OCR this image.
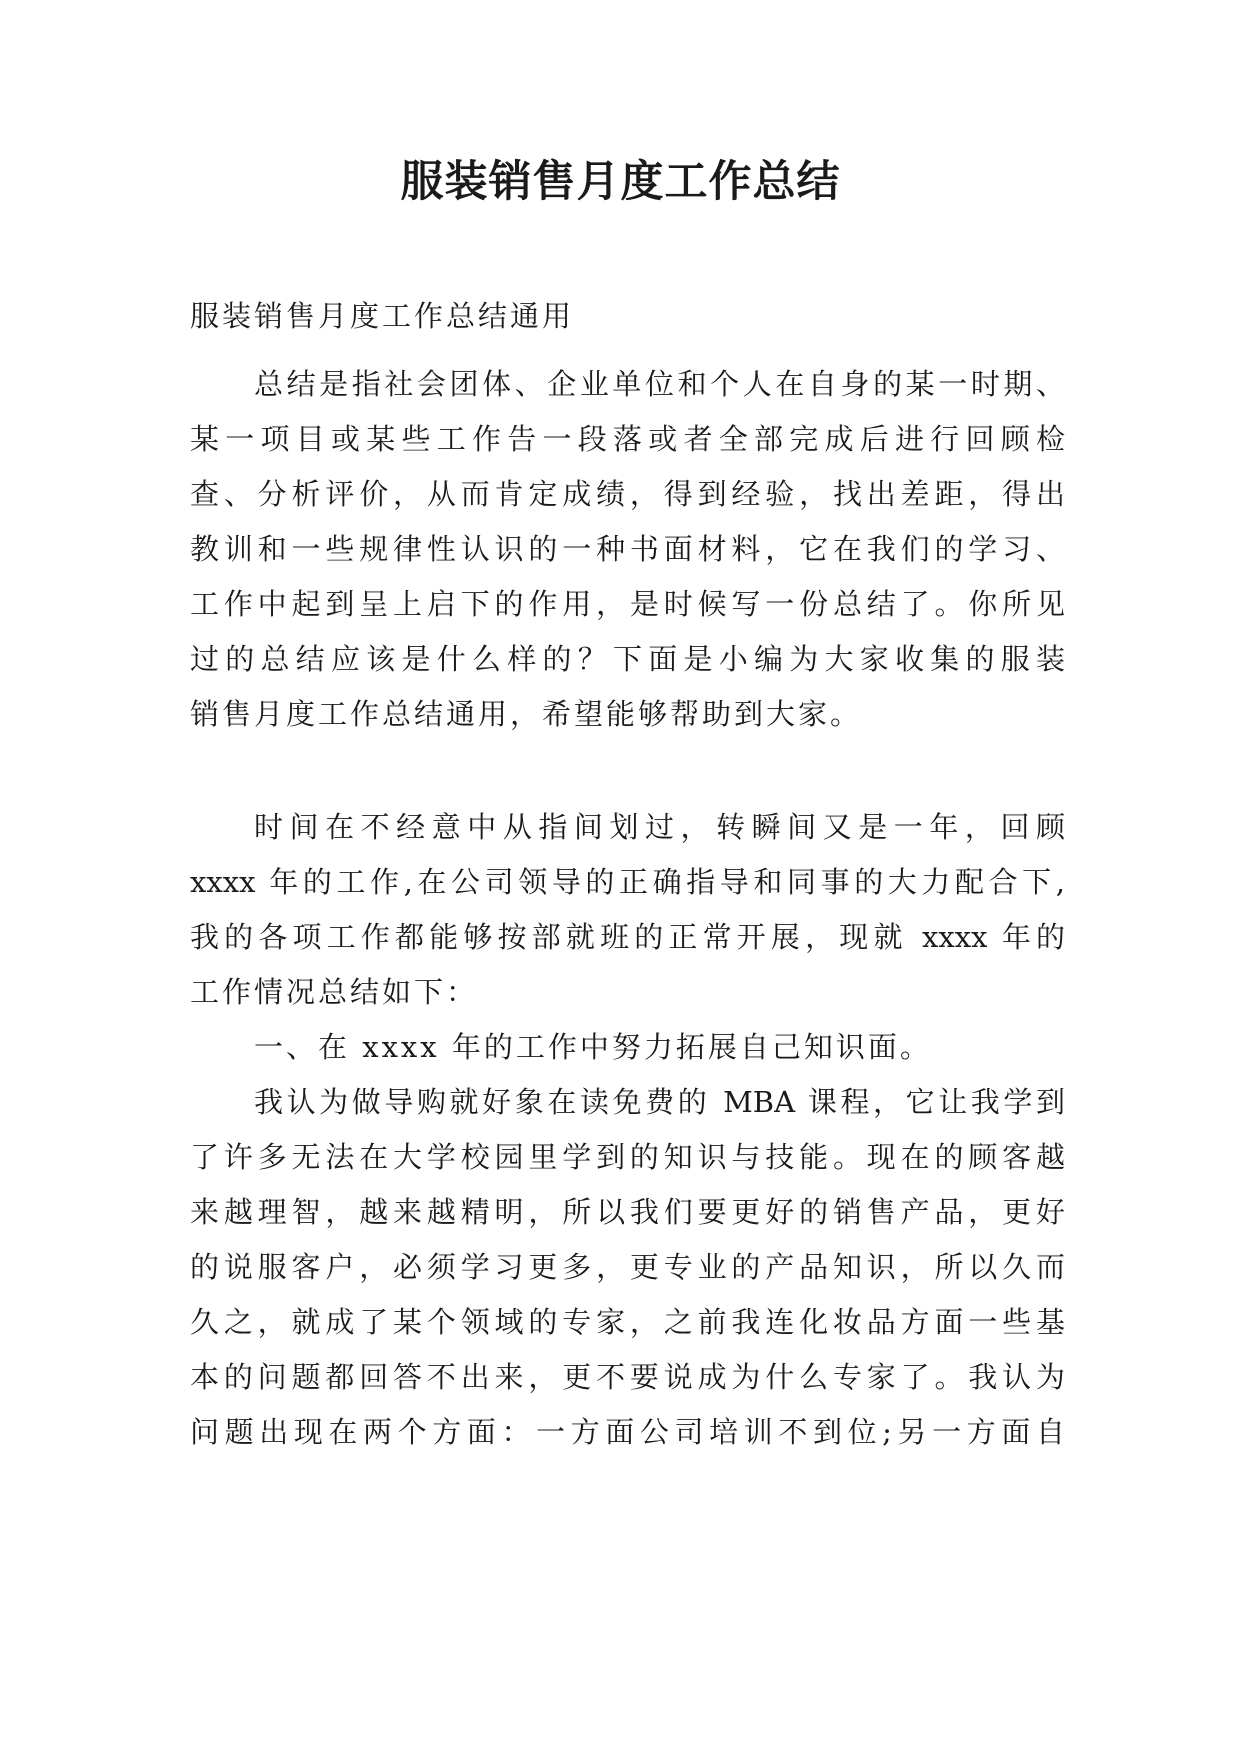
服装销售月度工作总结

服装销售月度工作总结通用

总结是指社会团体、企业单位和个人在自身的某一时期、

某一项目或某些工作告一段落或者全部完成后进行回顾检

查、分析评价，从而肯定成绩，得到经验，找出差距，得出

教训和一些规律性认识的一种书面材料，它在我们的学习、

工作中起到呈上启下的作用，是时候写一份总结了。你所见

过的总结应该是什么样的？下面是小编为大家收集的服装

销售月度工作总结通用，希望能够帮助到大家。

时间在不经意中从指间划过，转瞬间又是一年，回顾

xxxx 年的工作,在公司领导的正确指导和同事的大力配合下,

我的各项工作都能够按部就班的正常开展，现就 xxxx 年的

工作情况总结如下：

一、在 xxxx 年的工作中努力拓展自己知识面。

我认为做导购就好象在读免费的 MBA 课程，它让我学到

了许多无法在大学校园里学到的知识与技能。现在的顾客越

来越理智，越来越精明，所以我们要更好的销售产品，更好

的说服客户，必须学习更多，更专业的产品知识，所以久而

久之，就成了某个领域的专家，之前我连化妆品方面一些基

本的问题都回答不出来，更不要说成为什么专家了。我认为

问题出现在两个方面：一方面公司培训不到位;另一方面自
